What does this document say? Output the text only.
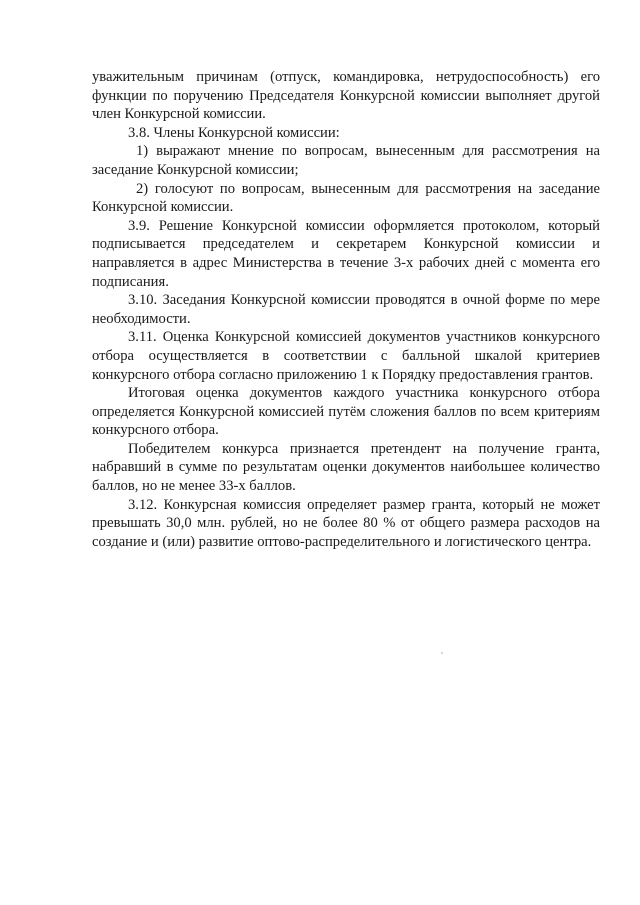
уважительным причинам (отпуск, командировка, нетрудоспособность) его функции по поручению Председателя Конкурсной комиссии выполняет другой член Конкурсной комиссии.

3.8. Члены Конкурсной комиссии:

1) выражают мнение по вопросам, вынесенным для рассмотрения на заседание Конкурсной комиссии;

2) голосуют по вопросам, вынесенным для рассмотрения на заседание Конкурсной комиссии.

3.9. Решение Конкурсной комиссии оформляется протоколом, который подписывается председателем и секретарем Конкурсной комиссии и направляется в адрес Министерства в течение 3-х рабочих дней с момента его подписания.

3.10. Заседания Конкурсной комиссии проводятся в очной форме по мере необходимости.

3.11. Оценка Конкурсной комиссией документов участников конкурсного отбора осуществляется в соответствии с балльной шкалой критериев конкурсного отбора согласно приложению 1 к Порядку предоставления грантов.

Итоговая оценка документов каждого участника конкурсного отбора определяется Конкурсной комиссией путём сложения баллов по всем критериям конкурсного отбора.

Победителем конкурса признается претендент на получение гранта, набравший в сумме по результатам оценки документов наибольшее количество баллов, но не менее 33-х баллов.

3.12. Конкурсная комиссия определяет размер гранта, который не может превышать 30,0 млн. рублей, но не более 80 % от общего размера расходов на создание и (или) развитие оптово-распределительного и логистического центра.
